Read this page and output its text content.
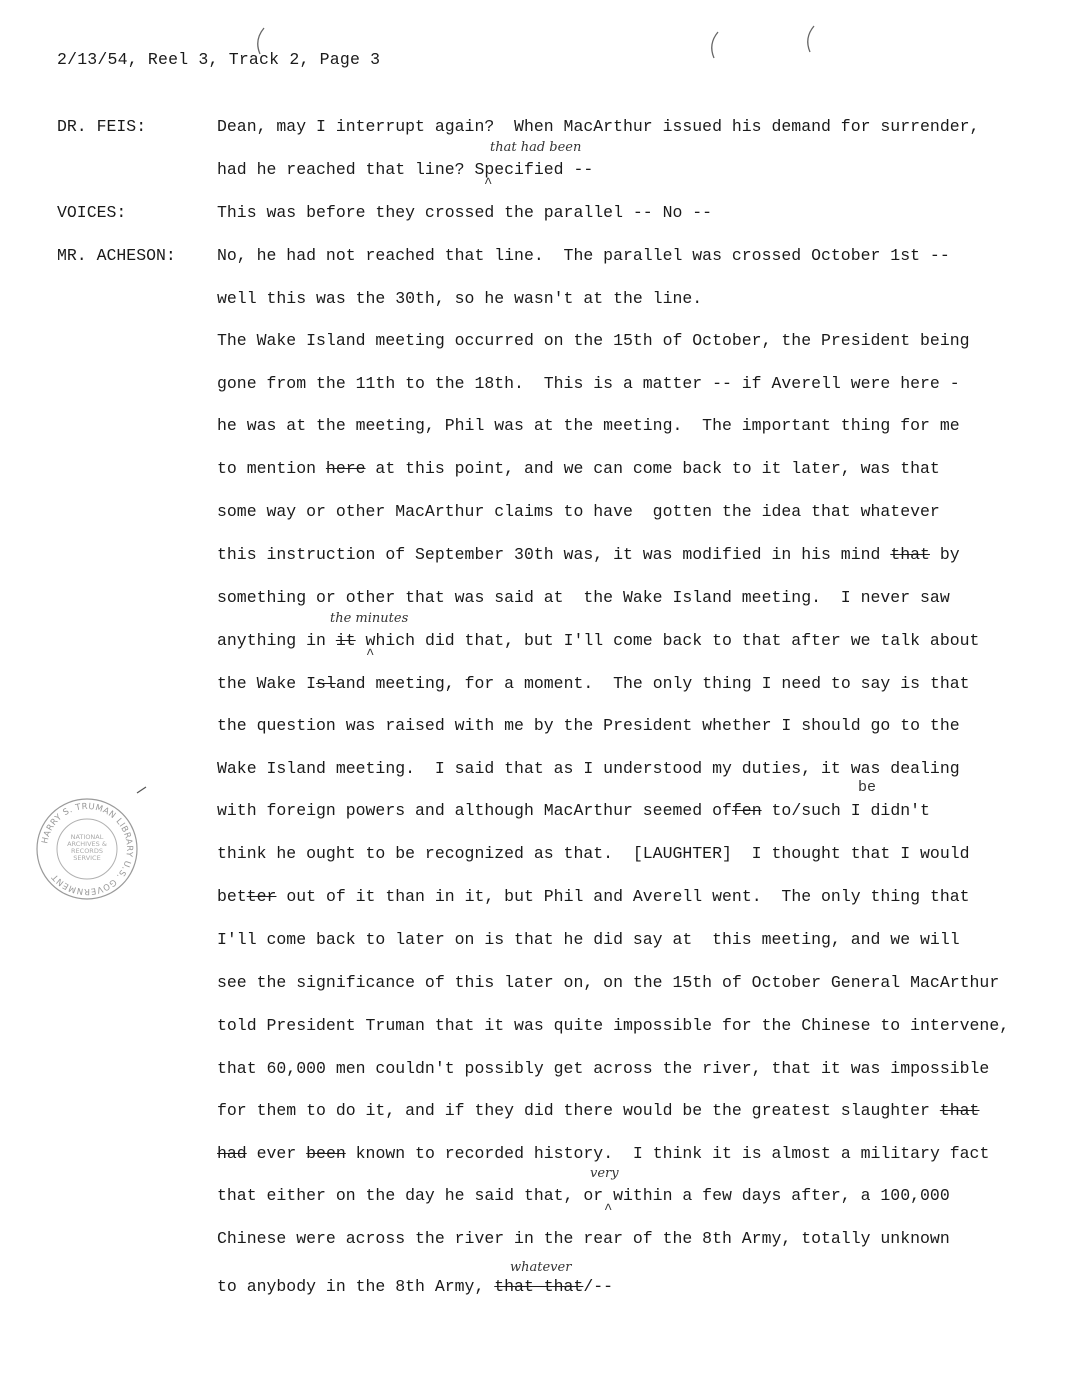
2/13/54, Reel 3, Track 2, Page 3
DR. FEIS:	Dean, may I interrupt again?  When MacArthur issued his demand for surrender,
that had been
had he reached that line? Specified --
^
VOICES:	This was before they crossed the parallel -- No --
MR. ACHESON: No, he had not reached that line.  The parallel was crossed October 1st --
well this was the 30th, so he wasn't at the line.
The Wake Island meeting occurred on the 15th of October, the President being
gone from the 11th to the 18th.  This is a matter -- if Averell were here -
he was at the meeting, Phil was at the meeting.  The important thing for me
to mention here at this point, and we can come back to it later, was that
some way or other MacArthur claims to have  gotten the idea that whatever
this instruction of September 30th was, it was modified in his mind that by
something or other that was said at  the Wake Island meeting.  I never saw
the minutes
anything in it which did that, but I'll come back to that after we talk about
^
the Wake Island meeting, for a moment.  The only thing I need to say is that
the question was raised with me by the President whether I should go to the
Wake Island meeting.  I said that as I understood my duties, it was dealing
be
with foreign powers and although MacArthur seemed offen to/such I didn't
think he ought to be recognized as that.  [LAUGHTER]  I thought that I would
better out of it than in it, but Phil and Averell went.  The only thing that
I'll come back to later on is that he did say at  this meeting, and we will
see the significance of this later on, on the 15th of October General MacArthur
told President Truman that it was quite impossible for the Chinese to intervene,
that 60,000 men couldn't possibly get across the river, that it was impossible
for them to do it, and if they did there would be the greatest slaughter that
had ever been known to recorded history.  I think it is almost a military fact
very
that either on the day he said that, or within a few days after, a 100,000
^
Chinese were across the river in the rear of the 8th Army, totally unknown
whatever
to anybody in the 8th Army, that that/--
HARRY S. TRUMAN LIBRARY U.S. GOVERNMENT
NATIONAL ARCHIVES & RECORDS SERVICE
